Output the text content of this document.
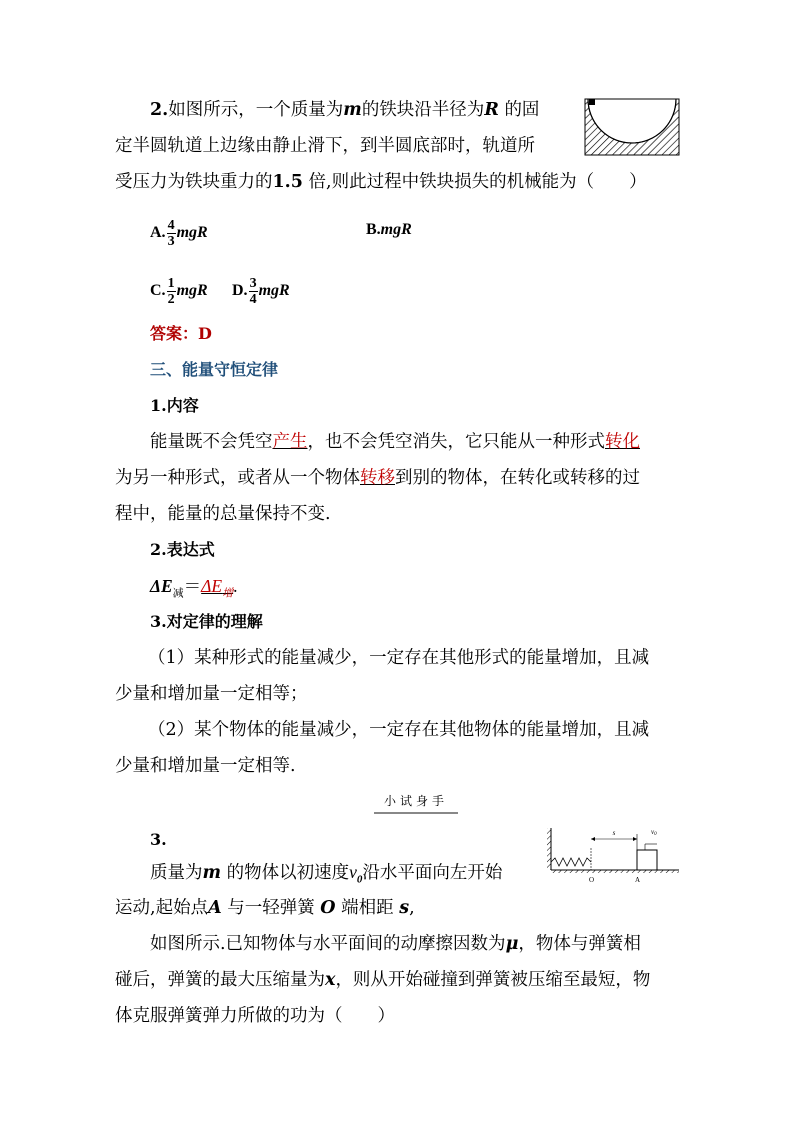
2.如图所示，一个质量为m的铁块沿半径为R 的固
定半圆轨道上边缘由静止滑下，到半圆底部时，轨道所
受压力为铁块重力的1.5 倍,则此过程中铁块损失的机械能为（　　）
A. $\frac{4}{3}$ mgR	B.mgR
C. $\frac{1}{2}$ mgR D. $\frac{3}{4}$ mgR
答案：D
三、能量守恒定律
1.内容
能量既不会凭空产生，也不会凭空消失，它只能从一种形式转化
为另一种形式，或者从一个物体转移到别的物体，在转化或转移的过
程中，能量的总量保持不变.
2.表达式
$\Delta E_减=\Delta E_增$.
3.对定律的理解
（1）某种形式的能量减少，一定存在其他形式的能量增加，且减
少量和增加量一定相等；
（2）某个物体的能量减少，一定存在其他物体的能量增加，且减
少量和增加量一定相等.
小试身手
3.	s	v0
O	A
质量为m 的物体以初速度$v_0$沿水平面向左开始
运动,起始点A 与一轻弹簧 O 端相距 s,
如图所示.已知物体与水平面间的动摩擦因数为μ，物体与弹簧相
碰后，弹簧的最大压缩量为x，则从开始碰撞到弹簧被压缩至最短，物
体克服弹簧弹力所做的功为（　　）
